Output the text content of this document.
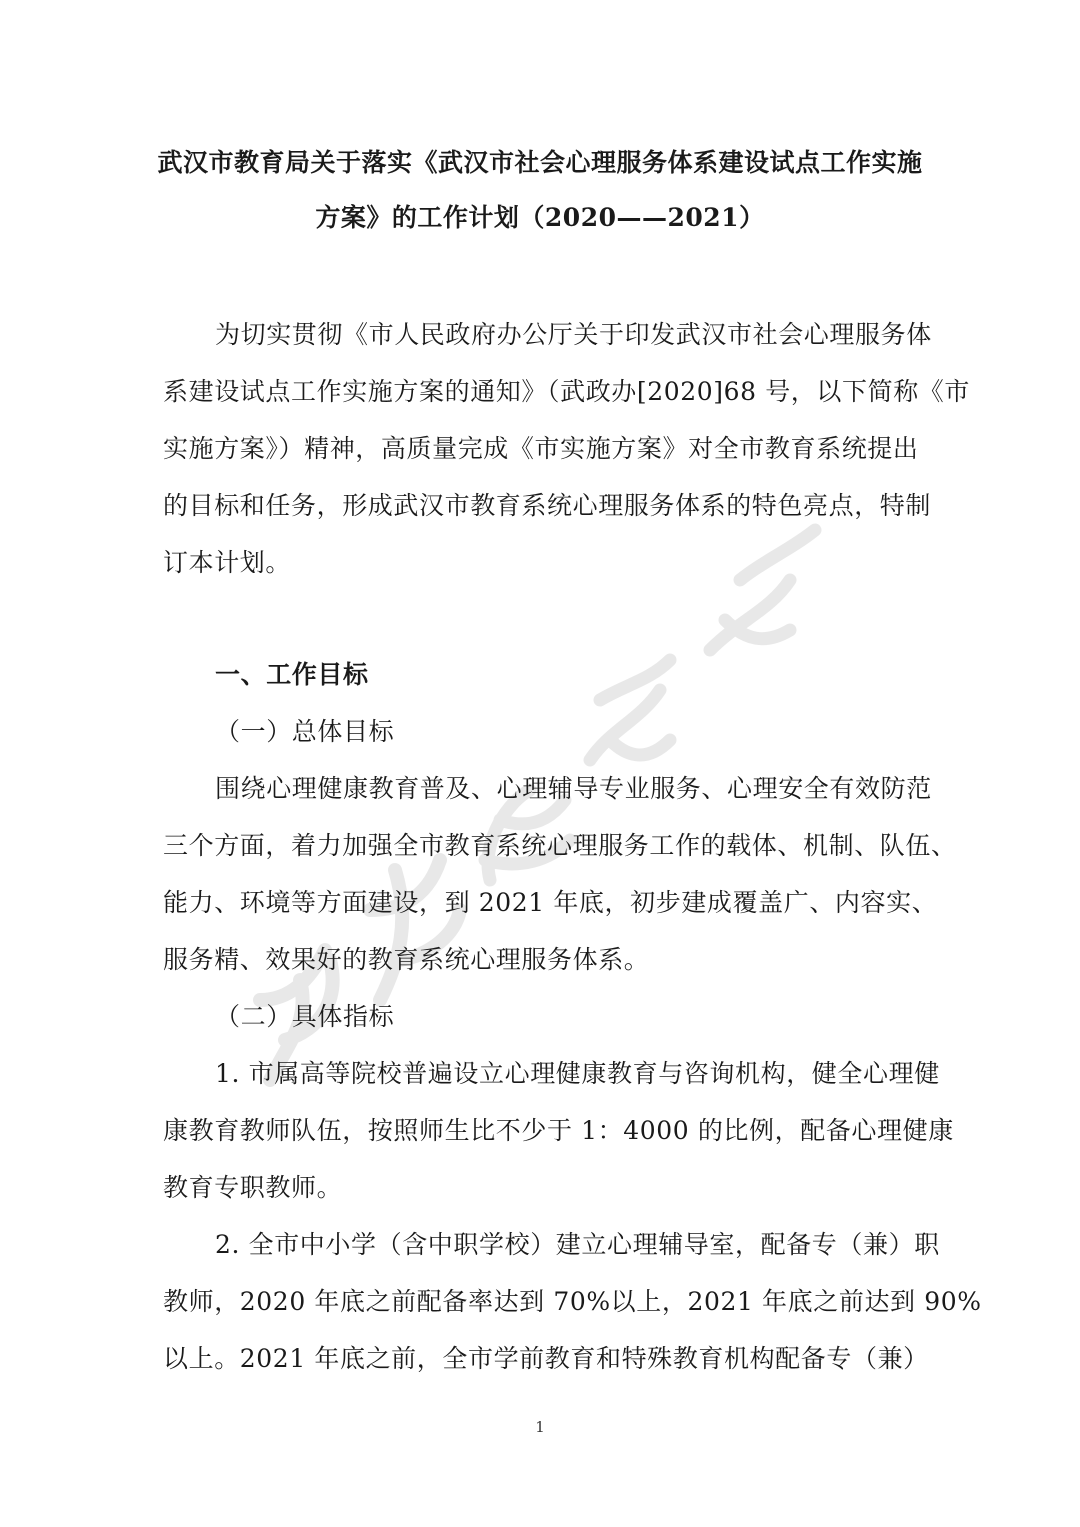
武汉市教育局关于落实《武汉市社会心理服务体系建设试点工作实施
方案》的工作计划（2020——2021）
为切实贯彻《市人民政府办公厅关于印发武汉市社会心理服务体
系建设试点工作实施方案的通知》（武政办[2020]68 号，以下简称《市
实施方案》）精神，高质量完成《市实施方案》对全市教育系统提出
的目标和任务，形成武汉市教育系统心理服务体系的特色亮点，特制
订本计划。
一、工作目标
（一）总体目标
围绕心理健康教育普及、心理辅导专业服务、心理安全有效防范
三个方面，着力加强全市教育系统心理服务工作的载体、机制、队伍、
能力、环境等方面建设，到 2021 年底，初步建成覆盖广、内容实、
服务精、效果好的教育系统心理服务体系。
（二）具体指标
1. 市属高等院校普遍设立心理健康教育与咨询机构，健全心理健
康教育教师队伍，按照师生比不少于 1：4000 的比例，配备心理健康
教育专职教师。
2. 全市中小学（含中职学校）建立心理辅导室，配备专（兼）职
教师，2020 年底之前配备率达到 70%以上，2021 年底之前达到 90%
以上。2021 年底之前，全市学前教育和特殊教育机构配备专（兼）
1
